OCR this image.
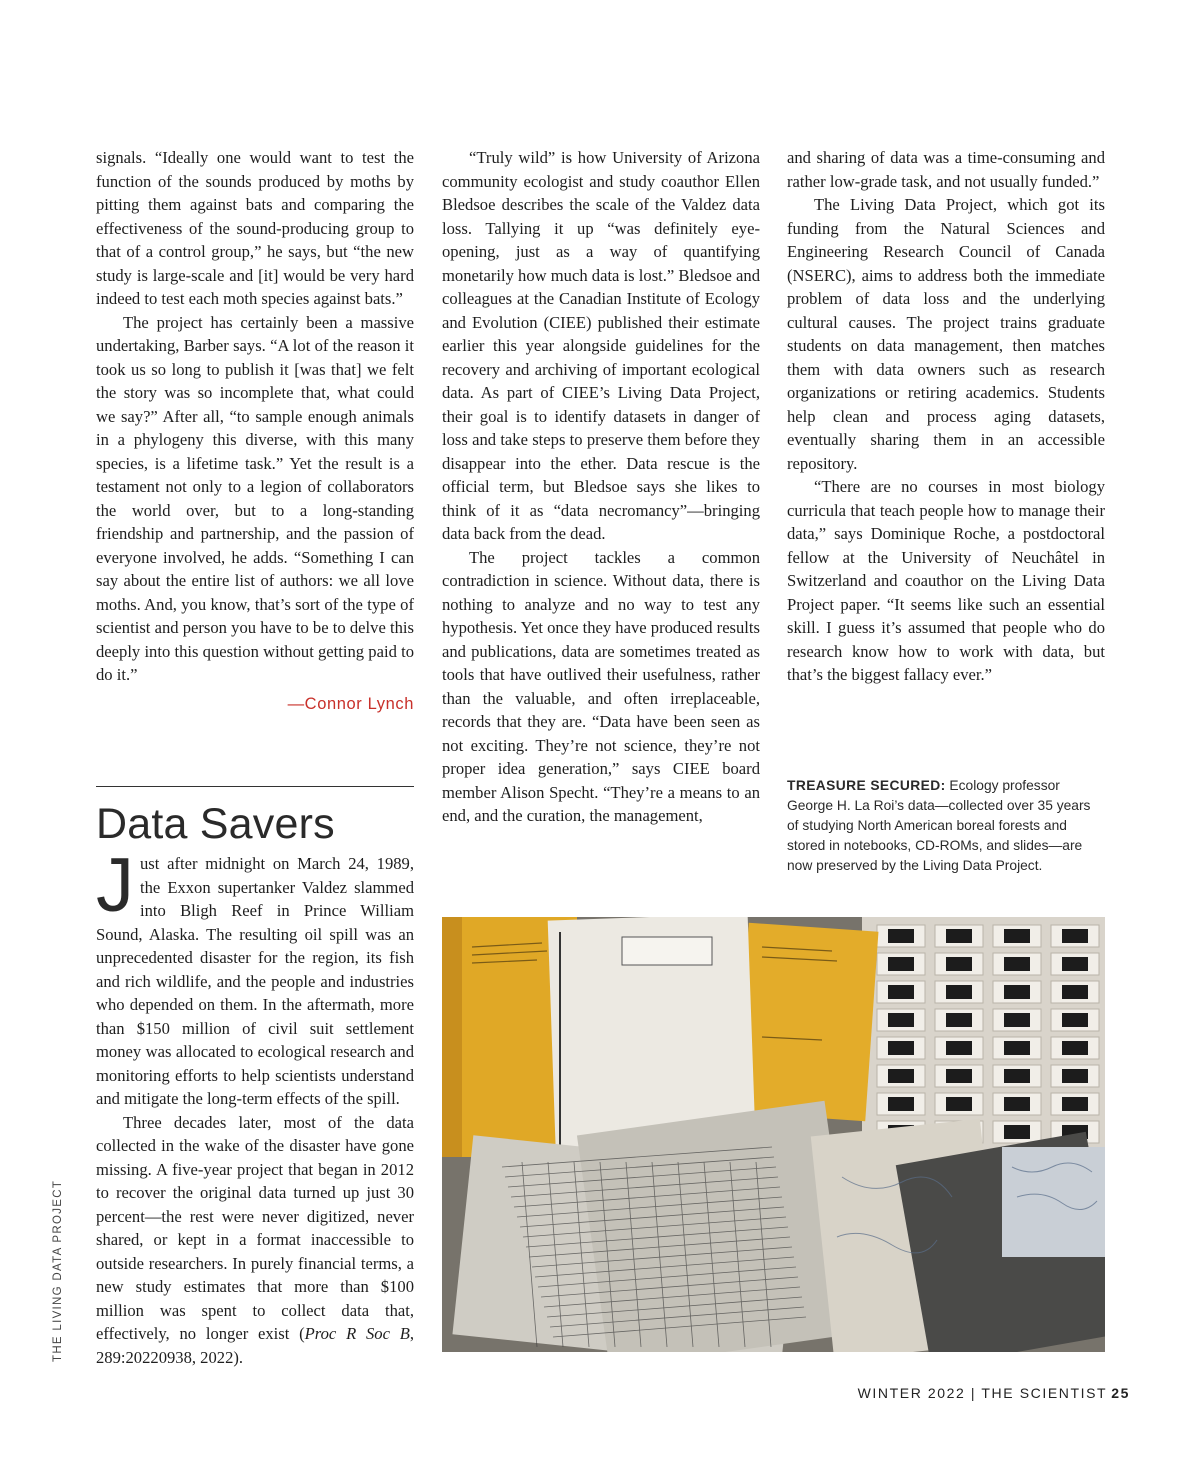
signals. “Ideally one would want to test the function of the sounds produced by moths by pitting them against bats and comparing the effectiveness of the sound-producing group to that of a control group,” he says, but “the new study is large-scale and [it] would be very hard indeed to test each moth species against bats.”

The project has certainly been a massive undertaking, Barber says. “A lot of the reason it took us so long to publish it [was that] we felt the story was so incomplete that, what could we say?” After all, “to sample enough animals in a phylogeny this diverse, with this many species, is a lifetime task.” Yet the result is a testament not only to a legion of collaborators the world over, but to a long-standing friendship and partnership, and the passion of everyone involved, he adds. “Something I can say about the entire list of authors: we all love moths. And, you know, that’s sort of the type of scientist and person you have to be to delve this deeply into this question without getting paid to do it.”

—Connor Lynch
Data Savers

Just after midnight on March 24, 1989, the Exxon supertanker Valdez slammed into Bligh Reef in Prince William Sound, Alaska. The resulting oil spill was an unprecedented disaster for the region, its fish and rich wildlife, and the people and industries who depended on them. In the aftermath, more than $150 million of civil suit settlement money was allocated to ecological research and monitoring efforts to help scientists understand and mitigate the long-term effects of the spill.

Three decades later, most of the data collected in the wake of the disaster have gone missing. A five-year project that began in 2012 to recover the original data turned up just 30 percent—the rest were never digitized, never shared, or kept in a format inaccessible to outside researchers. In purely financial terms, a new study estimates that more than $100 million was spent to collect data that, effectively, no longer exist (Proc R Soc B, 289:20220938, 2022).

“Truly wild” is how University of Arizona community ecologist and study coauthor Ellen Bledsoe describes the scale of the Valdez data loss. Tallying it up “was definitely eye-opening, just as a way of quantifying monetarily how much data is lost.” Bledsoe and colleagues at the Canadian Institute of Ecology and Evolution (CIEE) published their estimate earlier this year alongside guidelines for the recovery and archiving of important ecological data. As part of CIEE’s Living Data Project, their goal is to identify datasets in danger of loss and take steps to preserve them before they disappear into the ether. Data rescue is the official term, but Bledsoe says she likes to think of it as “data necromancy”—bringing data back from the dead.

The project tackles a common contradiction in science. Without data, there is nothing to analyze and no way to test any hypothesis. Yet once they have produced results and publications, data are sometimes treated as tools that have outlived their usefulness, rather than the valuable, and often irreplaceable, records that they are. “Data have been seen as not exciting. They’re not science, they’re not proper idea generation,” says CIEE board member Alison Specht. “They’re a means to an end, and the curation, the management,

and sharing of data was a time-consuming and rather low-grade task, and not usually funded.”

The Living Data Project, which got its funding from the Natural Sciences and Engineering Research Council of Canada (NSERC), aims to address both the immediate problem of data loss and the underlying cultural causes. The project trains graduate students on data management, then matches them with data owners such as research organizations or retiring academics. Students help clean and process aging datasets, eventually sharing them in an accessible repository.

“There are no courses in most biology curricula that teach people how to manage their data,” says Dominique Roche, a postdoctoral fellow at the University of Neuchâtel in Switzerland and coauthor on the Living Data Project paper. “It seems like such an essential skill. I guess it’s assumed that people who do research know how to work with data, but that’s the biggest fallacy ever.”

TREASURE SECURED: Ecology professor George H. La Roi’s data—collected over 35 years of studying North American boreal forests and stored in notebooks, CD-ROMs, and slides—are now preserved by the Living Data Project.
THE LIVING DATA PROJECT
WINTER 2022 | THE SCIENTIST 25
